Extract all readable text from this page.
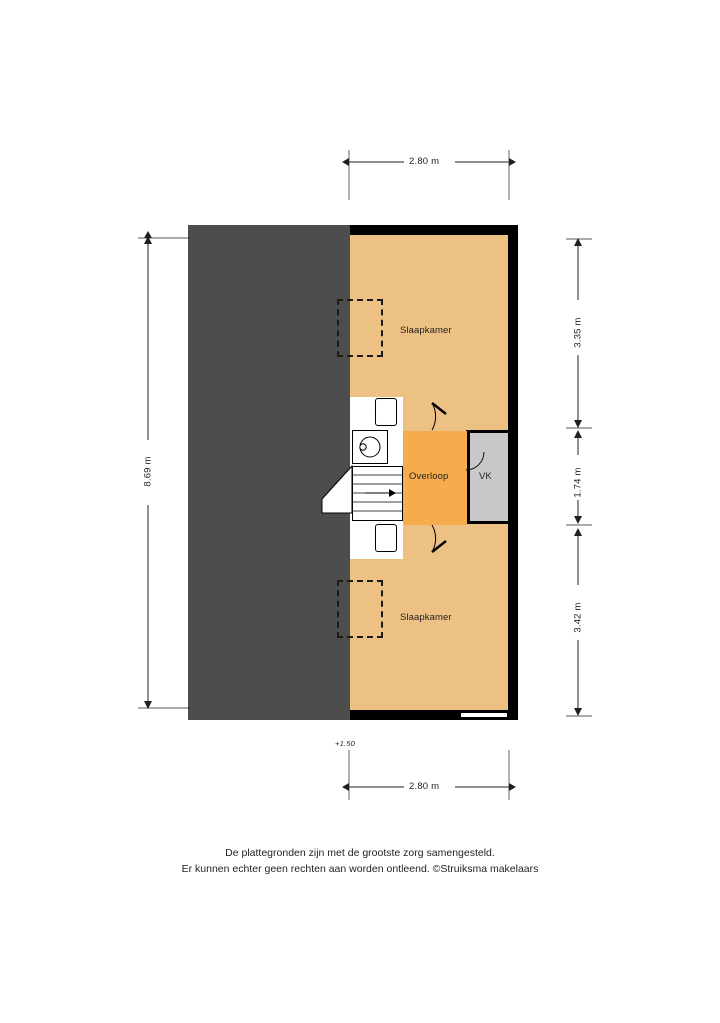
2.80 m
2.80 m
8.69 m
3.35 m
1.74 m
3.42 m
Slaapkamer
Overloop	VK
Slaapkamer
+1.50
De plattegronden zijn met de grootste zorg samengesteld.
Er kunnen echter geen rechten aan worden ontleend. ©Struiksma makelaars
